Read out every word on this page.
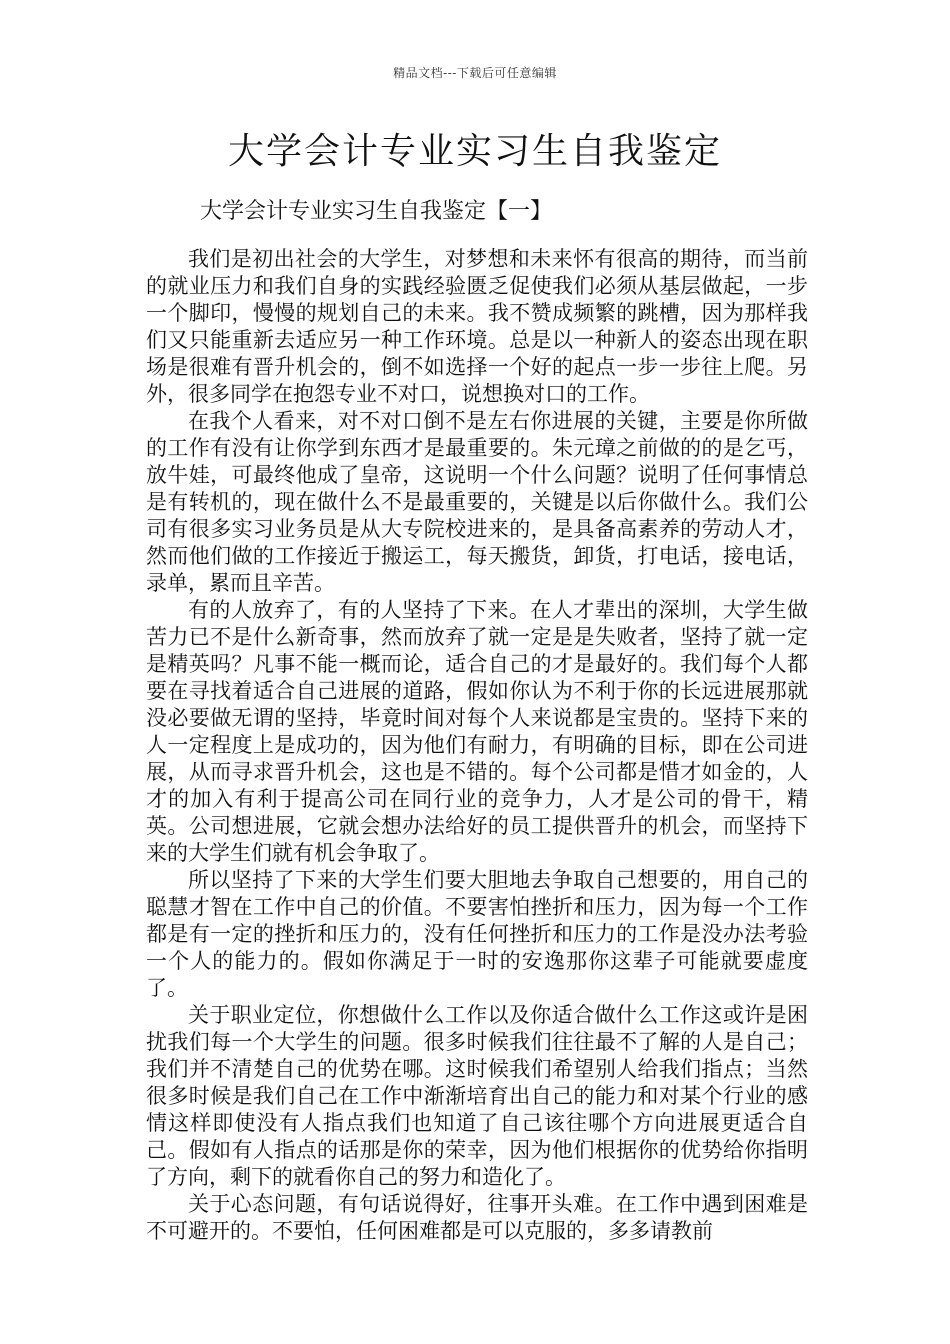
精品文档---下载后可任意编辑
大学会计专业实习生自我鉴定
大学会计专业实习生自我鉴定【一】

我们是初出社会的大学生，对梦想和未来怀有很高的期待，而当前的就业压力和我们自身的实践经验匮乏促使我们必须从基层做起，一步一个脚印，慢慢的规划自己的未来。我不赞成频繁的跳槽，因为那样我们又只能重新去适应另一种工作环境。总是以一种新人的姿态出现在职场是很难有晋升机会的，倒不如选择一个好的起点一步一步往上爬。另外，很多同学在抱怨专业不对口，说想换对口的工作。

在我个人看来，对不对口倒不是左右你进展的关键，主要是你所做的工作有没有让你学到东西才是最重要的。朱元璋之前做的的是乞丐，放牛娃，可最终他成了皇帝，这说明一个什么问题？说明了任何事情总是有转机的，现在做什么不是最重要的，关键是以后你做什么。我们公司有很多实习业务员是从大专院校进来的，是具备高素养的劳动人才，然而他们做的工作接近于搬运工，每天搬货，卸货，打电话，接电话，录单，累而且辛苦。

有的人放弃了，有的人坚持了下来。在人才辈出的深圳，大学生做苦力已不是什么新奇事，然而放弃了就一定是是失败者，坚持了就一定是精英吗？凡事不能一概而论，适合自己的才是最好的。我们每个人都要在寻找着适合自己进展的道路，假如你认为不利于你的长远进展那就没必要做无谓的坚持，毕竟时间对每个人来说都是宝贵的。坚持下来的人一定程度上是成功的，因为他们有耐力，有明确的目标，即在公司进展，从而寻求晋升机会，这也是不错的。每个公司都是惜才如金的，人才的加入有利于提高公司在同行业的竞争力，人才是公司的骨干，精英。公司想进展，它就会想办法给好的员工提供晋升的机会，而坚持下来的大学生们就有机会争取了。

所以坚持了下来的大学生们要大胆地去争取自己想要的，用自己的聪慧才智在工作中自己的价值。不要害怕挫折和压力，因为每一个工作都是有一定的挫折和压力的，没有任何挫折和压力的工作是没办法考验一个人的能力的。假如你满足于一时的安逸那你这辈子可能就要虚度了。

关于职业定位，你想做什么工作以及你适合做什么工作这或许是困扰我们每一个大学生的问题。很多时候我们往往最不了解的人是自己；我们并不清楚自己的优势在哪。这时候我们希望别人给我们指点；当然很多时候是我们自己在工作中渐渐培育出自己的能力和对某个行业的感情这样即使没有人指点我们也知道了自己该往哪个方向进展更适合自己。假如有人指点的话那是你的荣幸，因为他们根据你的优势给你指明了方向，剩下的就看你自己的努力和造化了。

关于心态问题，有句话说得好，往事开头难。在工作中遇到困难是不可避开的。不要怕，任何困难都是可以克服的，多多请教前
